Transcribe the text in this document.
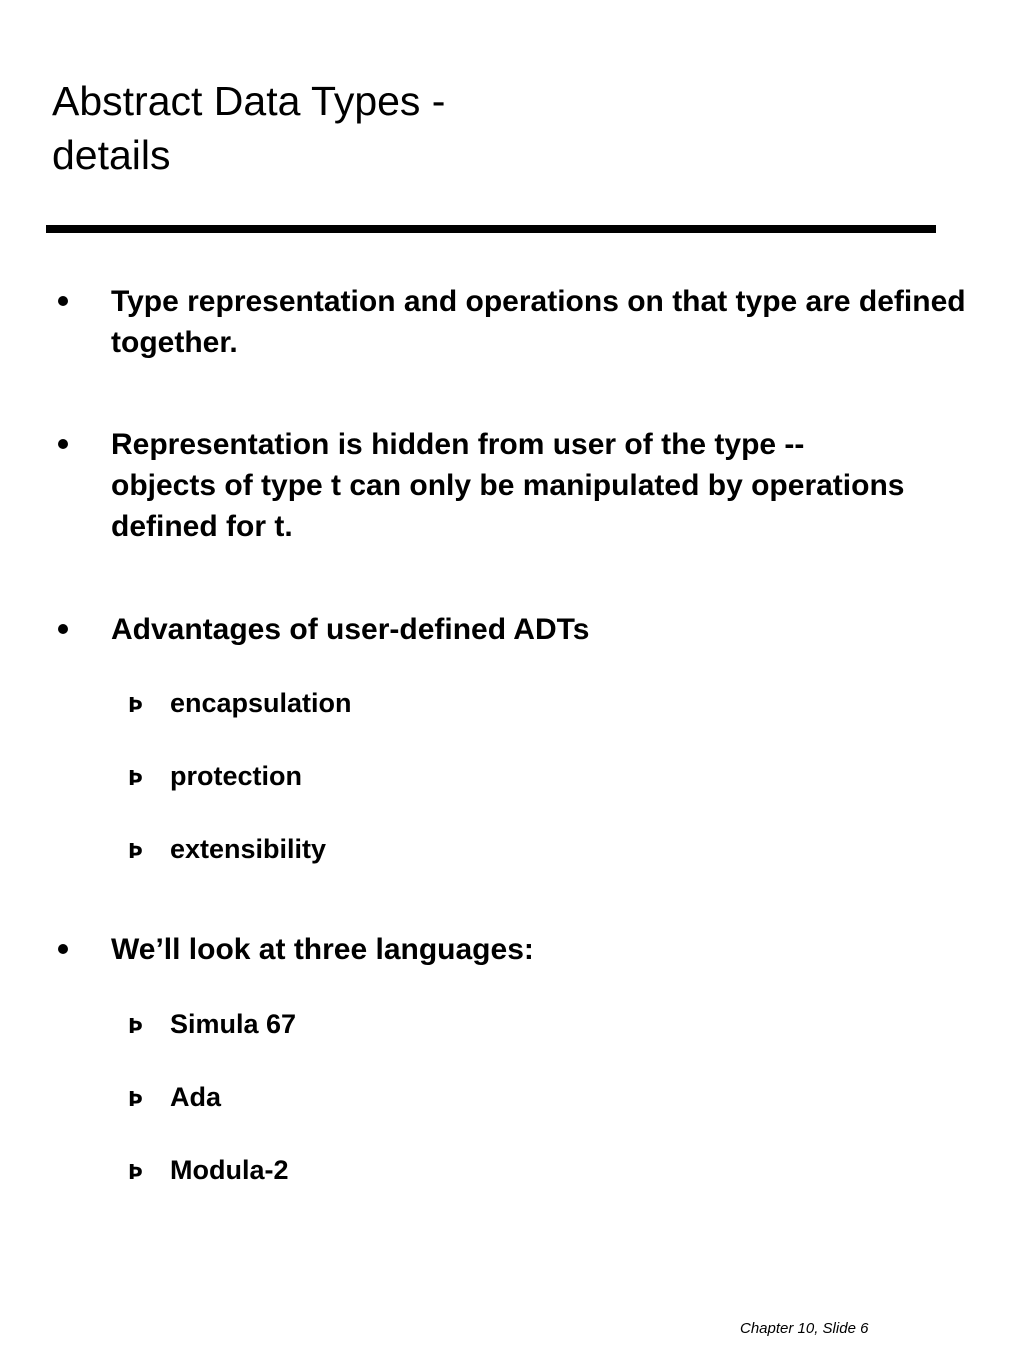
Abstract Data Types -
details
Type representation and operations on that type are defined together.
Representation is hidden from user of the type -- objects of type t can only be manipulated by operations defined for t.
Advantages of user-defined ADTs
Þ encapsulation
Þ protection
Þ extensibility
We’ll look at three languages:
Þ Simula 67
Þ Ada
Þ Modula-2
Chapter 10, Slide 6
